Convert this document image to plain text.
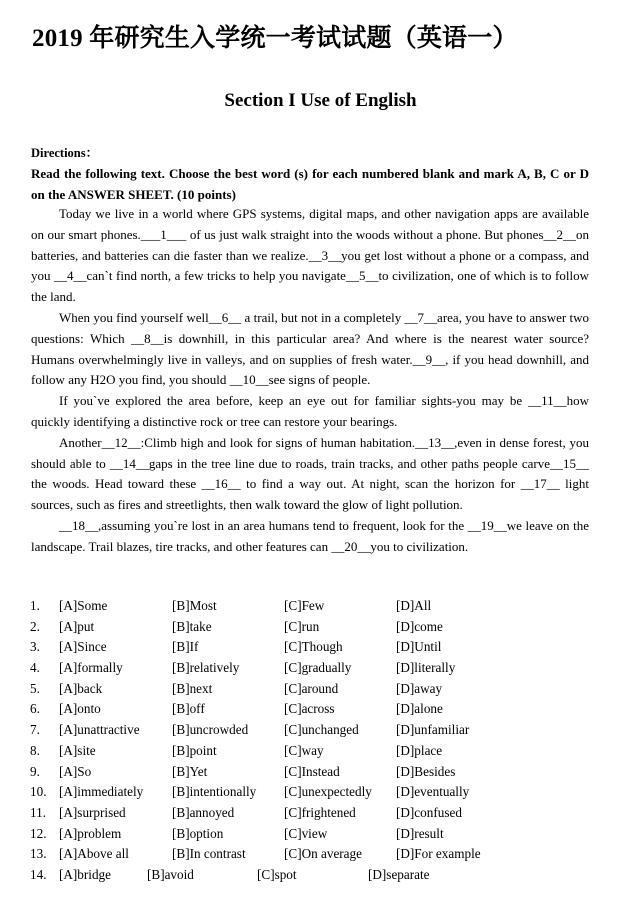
2019 年研究生入学统一考试试题（英语一）
Section I Use of English
Directions：
Read the following text. Choose the best word (s) for each numbered blank and mark A, B, C or D on the ANSWER SHEET. (10 points)

Today we live in a world where GPS systems, digital maps, and other navigation apps are available on our smart phones.___1___ of us just walk straight into the woods without a phone. But phones__2__on batteries, and batteries can die faster than we realize.__3__you get lost without a phone or a compass, and you __4__can`t find north, a few tricks to help you navigate__5__to civilization, one of which is to follow the land.

When you find yourself well__6__ a trail, but not in a completely __7__area, you have to answer two questions: Which __8__is downhill, in this particular area? And where is the nearest water source? Humans overwhelmingly live in valleys, and on supplies of fresh water.__9__, if you head downhill, and follow any H2O you find, you should __10__see signs of people.

If you`ve explored the area before, keep an eye out for familiar sights-you may be __11__how quickly identifying a distinctive rock or tree can restore your bearings.

Another__12__:Climb high and look for signs of human habitation.__13__,even in dense forest, you should able to __14__gaps in the tree line due to roads, train tracks, and other paths people carve__15__ the woods. Head toward these __16__ to find a way out. At night, scan the horizon for __17__ light sources, such as fires and streetlights, then walk toward the glow of light pollution.

__18__,assuming you`re lost in an area humans tend to frequent, look for the __19__we leave on the landscape. Trail blazes, tire tracks, and other features can __20__you to civilization.

1. [A]Some	[B]Most	[C]Few	[D]All
2. [A]put	[B]take	[C]run	[D]come
3. [A]Since	[B]If	[C]Though	[D]Until
4. [A]formally	[B]relatively	[C]gradually	[D]literally
5. [A]back	[B]next	[C]around	[D]away
6. [A]onto	[B]off	[C]across	[D]alone
7. [A]unattractive [B]uncrowded	[C]unchanged	[D]unfamiliar
8. [A]site	[B]point	[C]way	[D]place
9. [A]So	[B]Yet	[C]Instead	[D]Besides
10. [A]immediately [B]intentionally [C]unexpectedly [D]eventually
11. [A]surprised	[B]annoyed	[C]frightened	[D]confused
12. [A]problem	[B]option	[C]view	[D]result
13. [A]Above all	[B]In contrast	[C]On average	[D]For example
14. [A]bridge	[B]avoid	[C]spot	[D]separate
